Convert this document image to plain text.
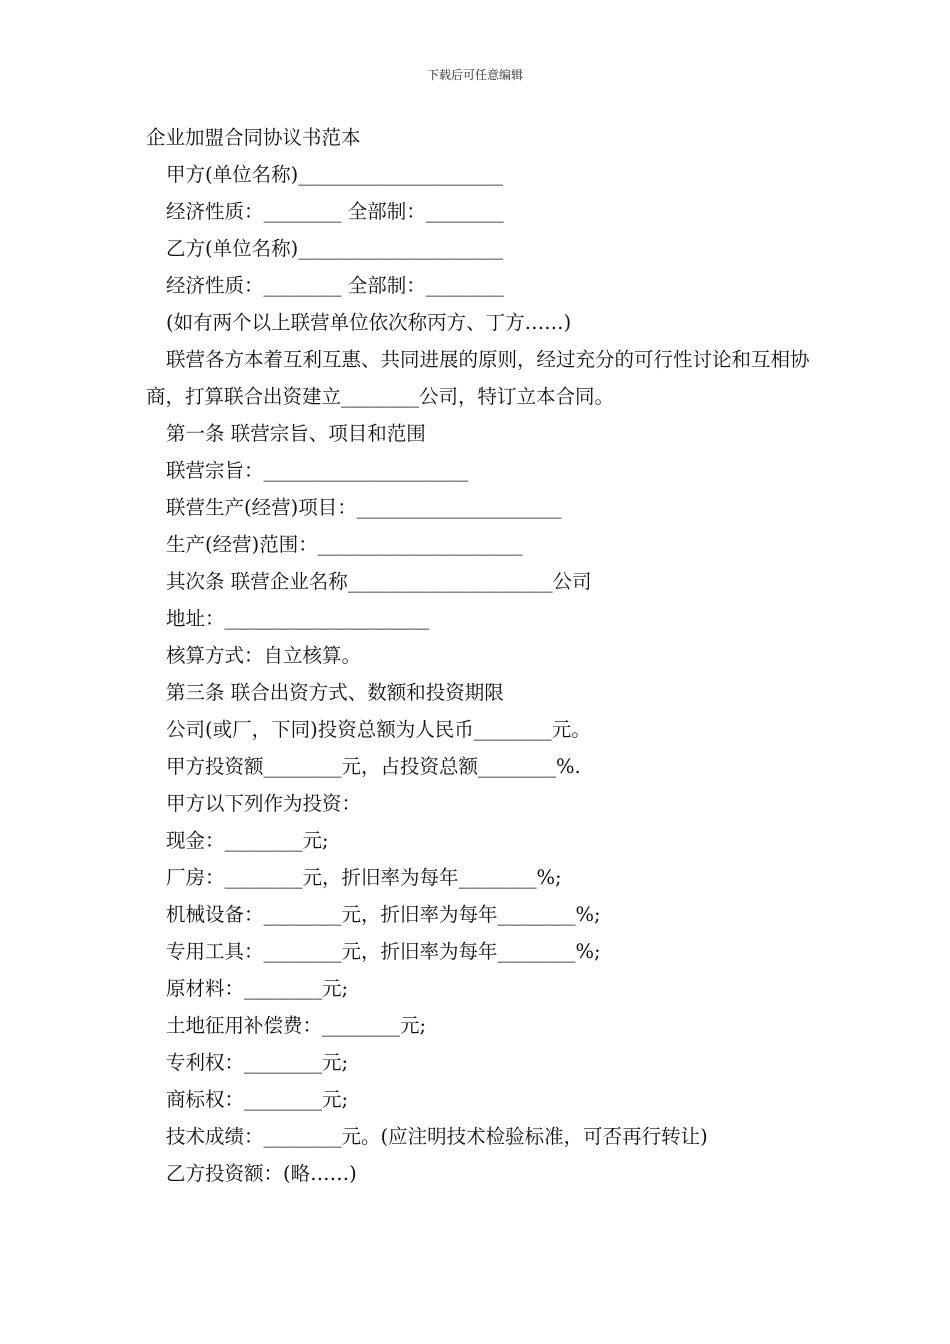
下载后可任意编辑

企业加盟合同协议书范本

甲方(单位名称)_____________________

经济性质：________ 全部制：________

乙方(单位名称)_____________________

经济性质：________ 全部制：________

(如有两个以上联营单位依次称丙方、丁方……)

联营各方本着互利互惠、共同进展的原则，经过充分的可行性讨论和互相协商，打算联合出资建立________公司，特订立本合同。

第一条 联营宗旨、项目和范围

联营宗旨：_____________________

联营生产(经营)项目：_____________________

生产(经营)范围：_____________________

其次条 联营企业名称_____________________公司

地址：_____________________

核算方式：自立核算。

第三条 联合出资方式、数额和投资期限

公司(或厂，下同)投资总额为人民币________元。

甲方投资额________元，占投资总额________%.

甲方以下列作为投资：

现金：________元;

厂房：________元，折旧率为每年________%;

机械设备：________元，折旧率为每年________%;

专用工具：________元，折旧率为每年________%;

原材料：________元;

土地征用补偿费：________元;

专利权：________元;

商标权：________元;

技术成绩：________元。(应注明技术检验标准，可否再行转让)

乙方投资额：(略……)
